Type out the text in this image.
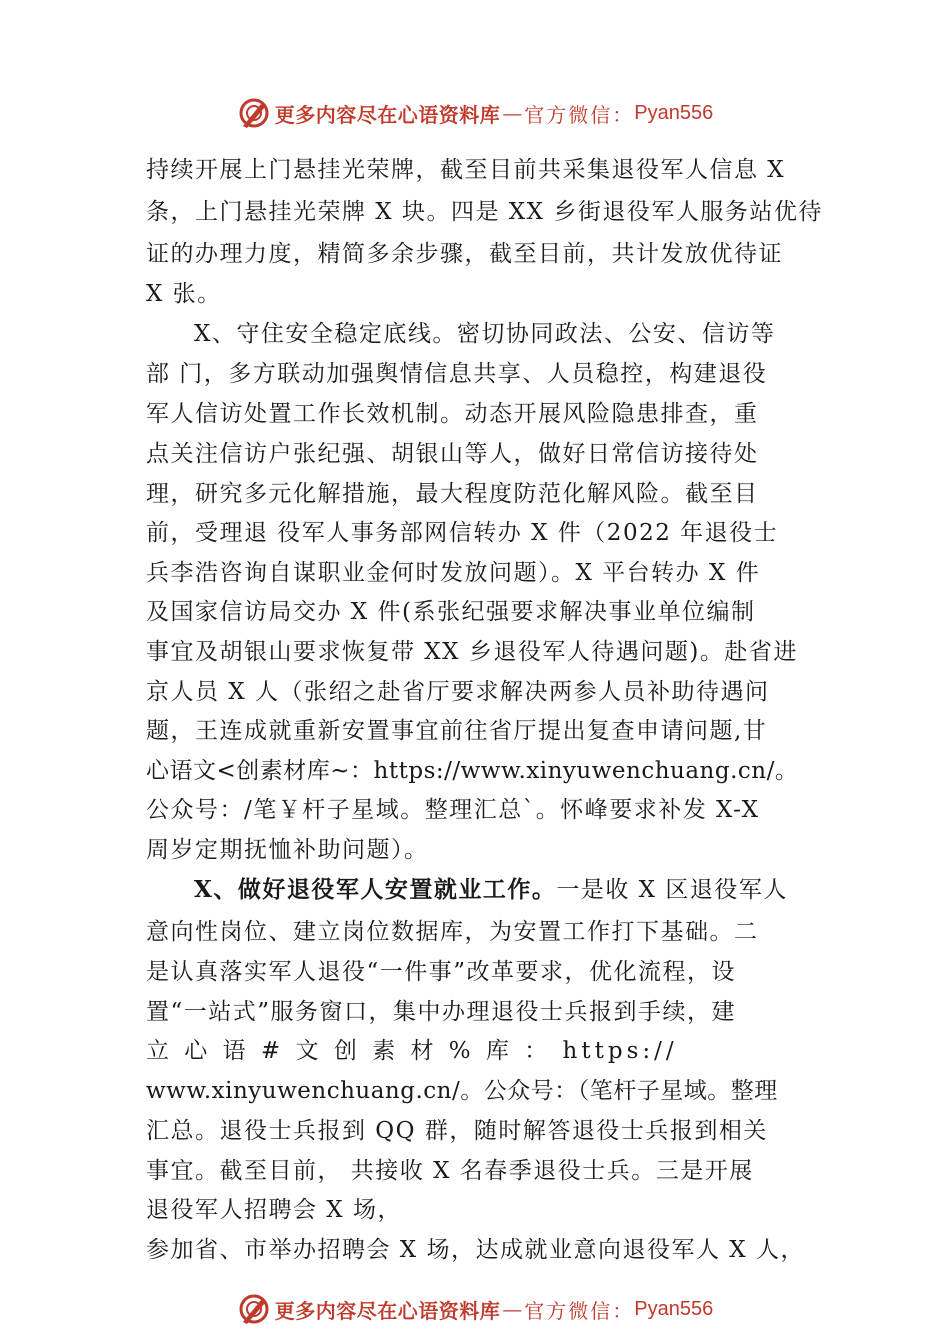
更多内容尽在心语资料库 — 官方微信： Pyan556
持续开展上门悬挂光荣牌，截至目前共采集退役军人信息 X
条，上门悬挂光荣牌 X 块。四是 XX 乡街退役军人服务站优待
证的办理力度，精简多余步骤，截至目前，共计发放优待证
X 张。
X、守住安全稳定底线。密切协同政法、公安、信访等
部 门，多方联动加强舆情信息共享、人员稳控，构建退役
军人信访处置工作长效机制。动态开展风险隐患排查，重
点关注信访户张纪强、胡银山等人，做好日常信访接待处
理，研究多元化解措施，最大程度防范化解风险。截至目
前，受理退 役军人事务部网信转办 X 件（2022 年退役士
兵李浩咨询自谋职业金何时发放问题）。X 平台转办 X 件
及国家信访局交办 X 件(系张纪强要求解决事业单位编制
事宜及胡银山要求恢复带 XX 乡退役军人待遇问题)。赴省进
京人员 X 人（张绍之赴省厅要求解决两参人员补助待遇问
题，王连成就重新安置事宜前往省厅提出复查申请问题,甘
心语文<创素材库~：https://www.xinyuwenchuang.cn/。
公众号：/笔￥杆子星域。整理汇总`。怀峰要求补发 X-X
周岁定期抚恤补助问题）。
X、做好退役军人安置就业工作。一是收 X 区退役军人
意向性岗位、建立岗位数据库，为安置工作打下基础。二
是认真落实军人退役“一件事”改革要求，优化流程，设
置“一站式”服务窗口，集中办理退役士兵报到手续，建
立 心 语 # 文 创 素 材 % 库 ： https://
www.xinyuwenchuang.cn/。公众号：（笔杆子星域。整理
汇总。退役士兵报到 QQ 群，随时解答退役士兵报到相关
事宜。截至目前， 共接收 X 名春季退役士兵。三是开展
退役军人招聘会 X 场，
参加省、市举办招聘会 X 场，达成就业意向退役军人 X 人，
更多内容尽在心语资料库 — 官方微信： Pyan556
